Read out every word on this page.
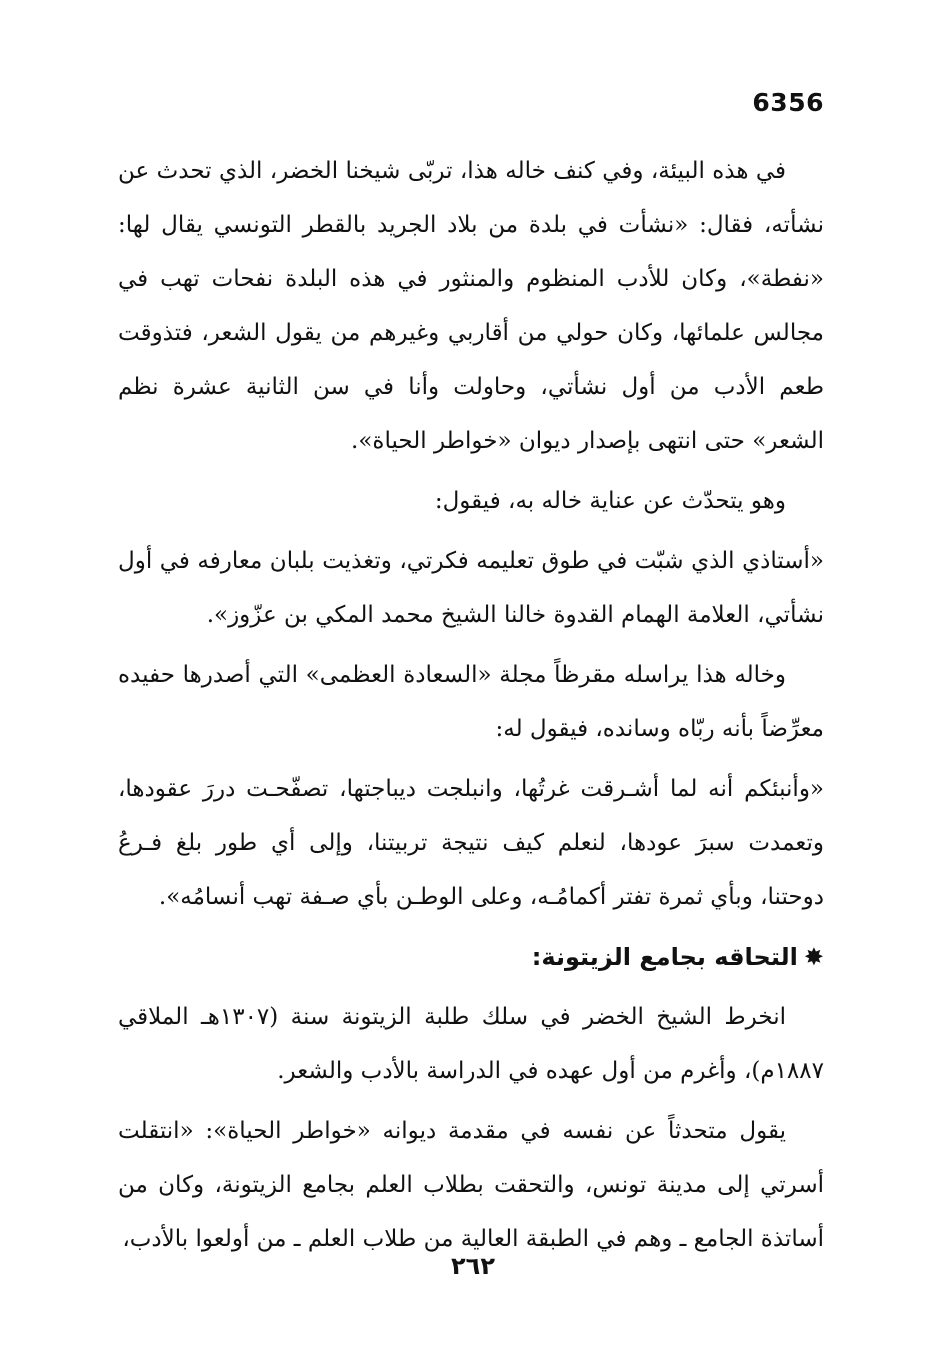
6356

في هذه البيئة، وفي كنف خاله هذا، تربّى شيخنا الخضر، الذي تحدث عن نشأته، فقال: «نشأت في بلدة من بلاد الجريد بالقطر التونسي يقال لها: «نفطة»، وكان للأدب المنظوم والمنثور في هذه البلدة نفحات تهب في مجالس علمائها، وكان حولي من أقاربي وغيرهم من يقول الشعر، فتذوقت طعم الأدب من أول نشأتي، وحاولت وأنا في سن الثانية عشرة نظم الشعر» حتى انتهى بإصدار ديوان «خواطر الحياة».

وهو يتحدّث عن عناية خاله به، فيقول:

«أستاذي الذي شبّت في طوق تعليمه فكرتي، وتغذيت بلبان معارفه في أول نشأتي، العلامة الهمام القدوة خالنا الشيخ محمد المكي بن عزّوز».

وخاله هذا يراسله مقرظاً مجلة «السعادة العظمى» التي أصدرها حفيده معرِّضاً بأنه ربّاه وسانده، فيقول له:

«وأنبئكم أنه لما أشـرقت غرتُها، وانبلجت ديباجتها، تصفّحـت دررَ عقودها، وتعمدت سبرَ عودها، لنعلم كيف نتيجة تربيتنا، وإلى أي طور بلغ فـرعُ دوحتنا، وبأي ثمرة تفتر أكمامُـه، وعلى الوطـن بأي صـفة تهب أنسامُه».

✸التحاقه بجامع الزيتونة:

انخرط الشيخ الخضر في سلك طلبة الزيتونة سنة (١٣٠٧هـ الملاقي ١٨٨٧م)، وأغرم من أول عهده في الدراسة بالأدب والشعر.

يقول متحدثاً عن نفسه في مقدمة ديوانه «خواطر الحياة»: «انتقلت أسرتي إلى مدينة تونس، والتحقت بطلاب العلم بجامع الزيتونة، وكان من أساتذة الجامع ـ وهم في الطبقة العالية من طلاب العلم ـ من أولعوا بالأدب،

٢٦٢
